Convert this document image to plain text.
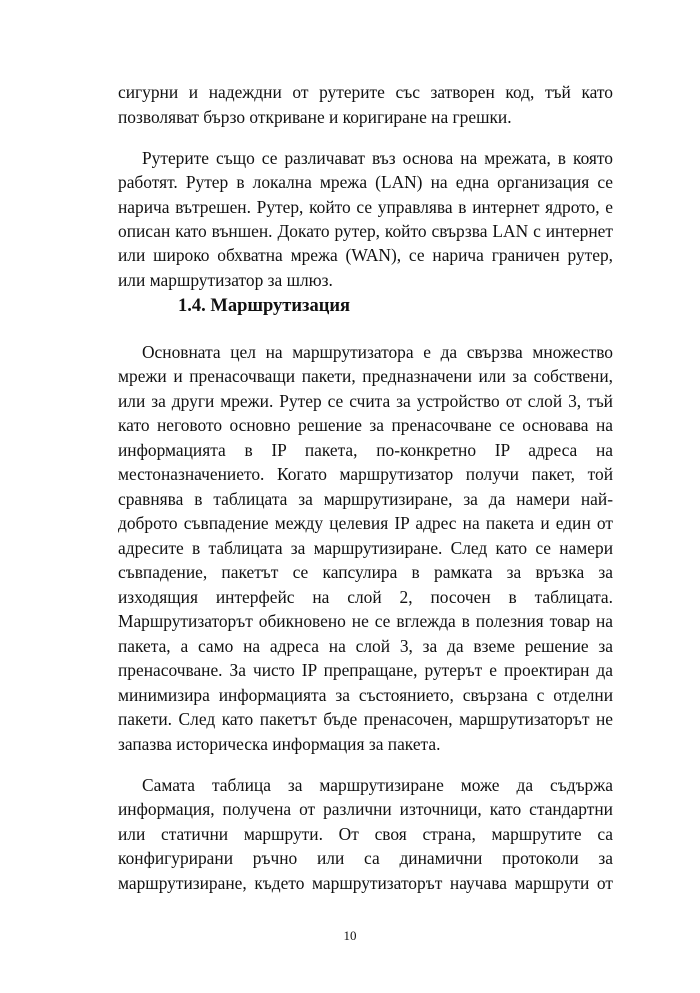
сигурни и надеждни от рутерите със затворен код, тъй като
позволяват бързо откриване и коригиране на грешки.
Рутерите също се различават въз основа на мрежата, в която
работят. Рутер в локална мрежа (LAN) на една организация се
нарича вътрешен. Рутер, който се управлява в интернет ядрото, е
описан като външен. Докато рутер, който свързва LAN с интернет
или широко обхватна мрежа (WAN), се нарича граничен рутер,
или маршрутизатор за шлюз.
1.4. Маршрутизация
Основната цел на маршрутизатора е да свързва множество
мрежи и пренасочващи пакети, предназначени или за собствени,
или за други мрежи. Рутер се счита за устройство от слой 3, тъй
като неговото основно решение за пренасочване се основава на
информацията в IP пакета, по-конкретно IP адреса на
местоназначението. Когато маршрутизатор получи пакет, той
сравнява в таблицата за маршрутизиране, за да намери най-
доброто съвпадение между целевия IP адрес на пакета и един от
адресите в таблицата за маршрутизиране. След като се намери
съвпадение, пакетът се капсулира в рамката за връзка за
изходящия интерфейс на слой 2, посочен в таблицата.
Маршрутизаторът обикновено не се вглежда в полезния товар на
пакета, а само на адреса на слой 3, за да вземе решение за
пренасочване. За чисто IP препращане, рутерът е проектиран да
минимизира информацията за състоянието, свързана с отделни
пакети. След като пакетът бъде пренасочен, маршрутизаторът не
запазва историческа информация за пакета.
Самата таблица за маршрутизиране може да съдържа
информация, получена от различни източници, като стандартни
или статични маршрути. От своя страна, маршрутите са
конфигурирани ръчно или са динамични протоколи за
маршрутизиране, където маршрутизаторът научава маршрути от
10
